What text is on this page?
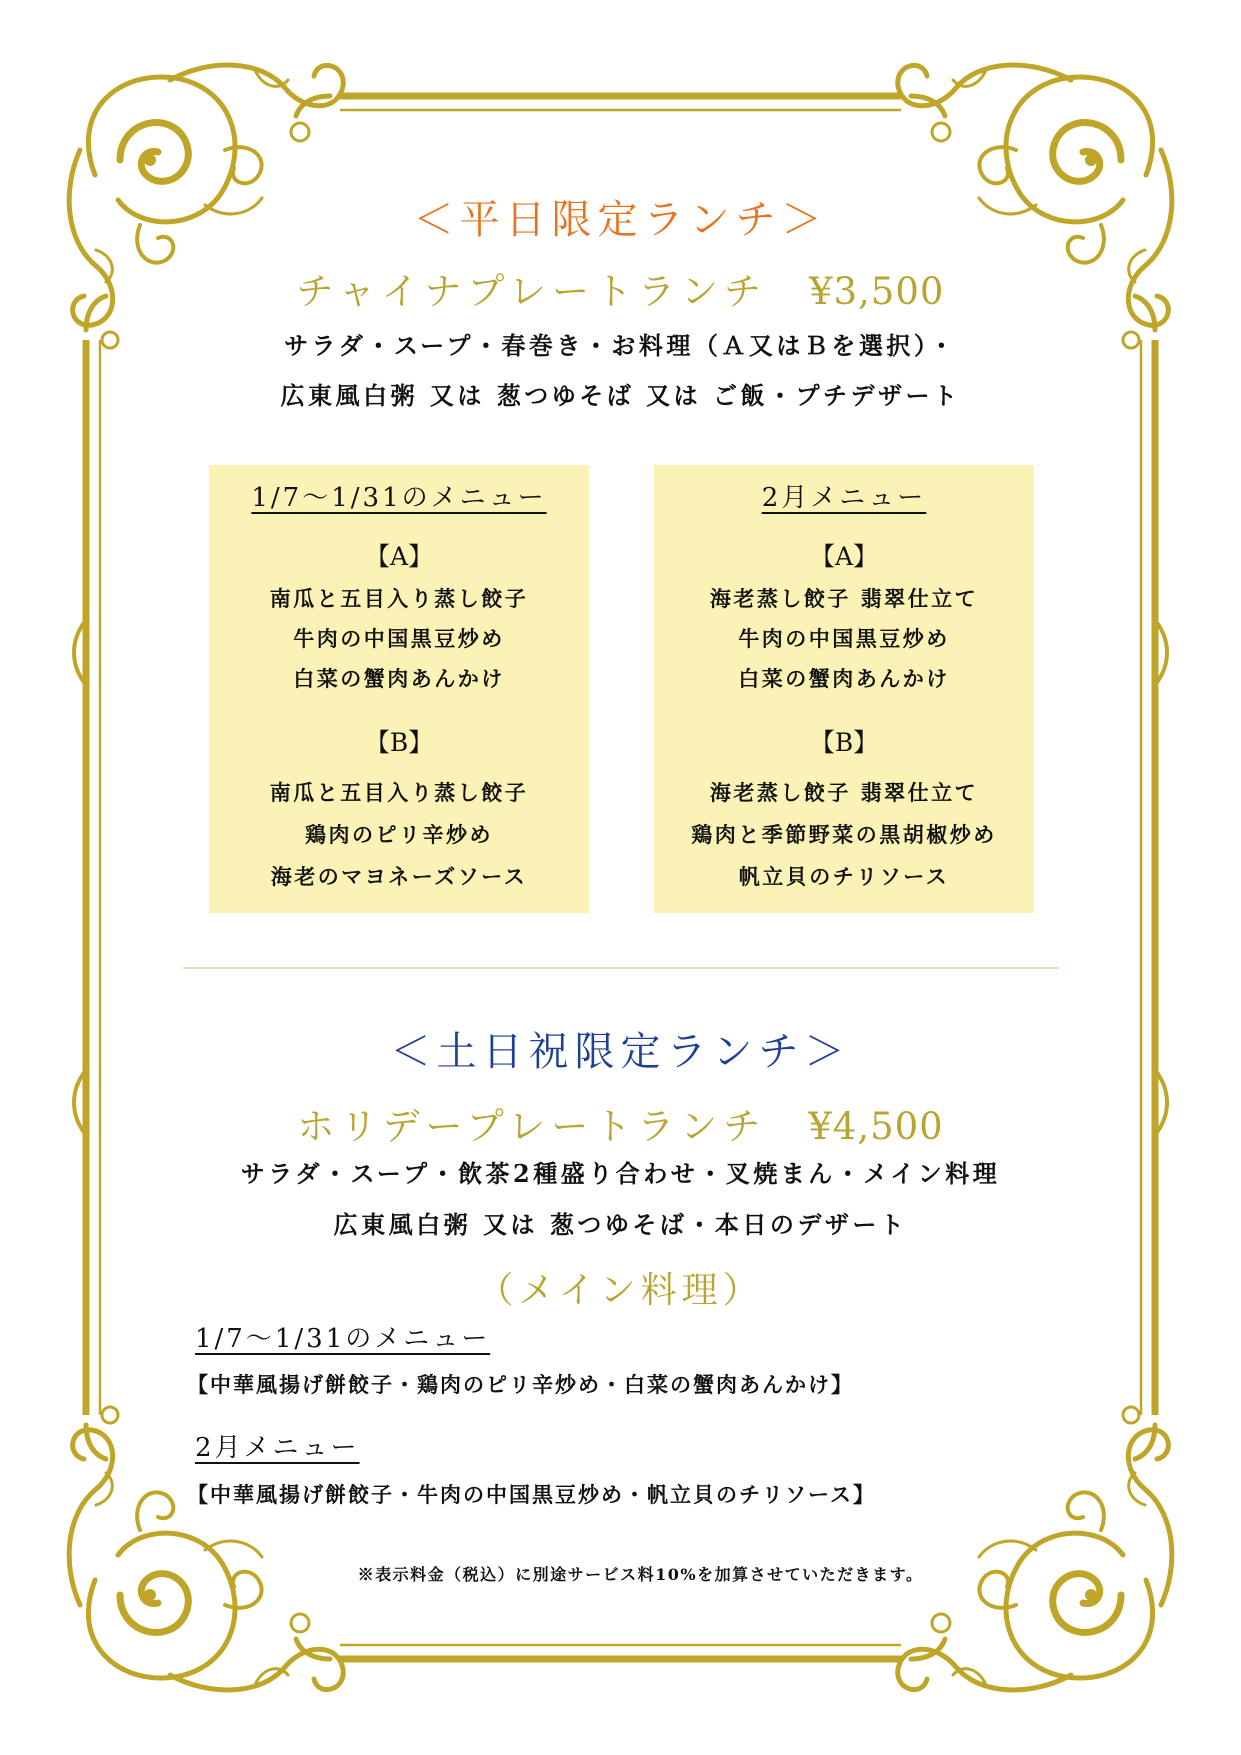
＜平日限定ランチ＞
チャイナプレートランチ ¥3,500
サラダ・スープ・春巻き・お料理（Ａ又はＢを選択）・
広東風白粥 又は 葱つゆそば 又は ご飯・プチデザート
1/7～1/31のメニュー
【A】
南瓜と五目入り蒸し餃子
牛肉の中国黒豆炒め
白菜の蟹肉あんかけ
【B】
南瓜と五目入り蒸し餃子
鶏肉のピリ辛炒め
海老のマヨネーズソース
2月メニュー
【A】
海老蒸し餃子 翡翠仕立て
牛肉の中国黒豆炒め
白菜の蟹肉あんかけ
【B】
海老蒸し餃子 翡翠仕立て
鶏肉と季節野菜の黒胡椒炒め
帆立貝のチリソース
＜土日祝限定ランチ＞
ホリデープレートランチ ¥4,500
サラダ・スープ・飲茶2種盛り合わせ・叉焼まん・メイン料理
広東風白粥 又は 葱つゆそば・本日のデザート
（メイン料理）
1/7～1/31のメニュー
【中華風揚げ餅餃子・鶏肉のピリ辛炒め・白菜の蟹肉あんかけ】
2月メニュー
【中華風揚げ餅餃子・牛肉の中国黒豆炒め・帆立貝のチリソース】
※表示料金（税込）に別途サービス料10%を加算させていただきます。
